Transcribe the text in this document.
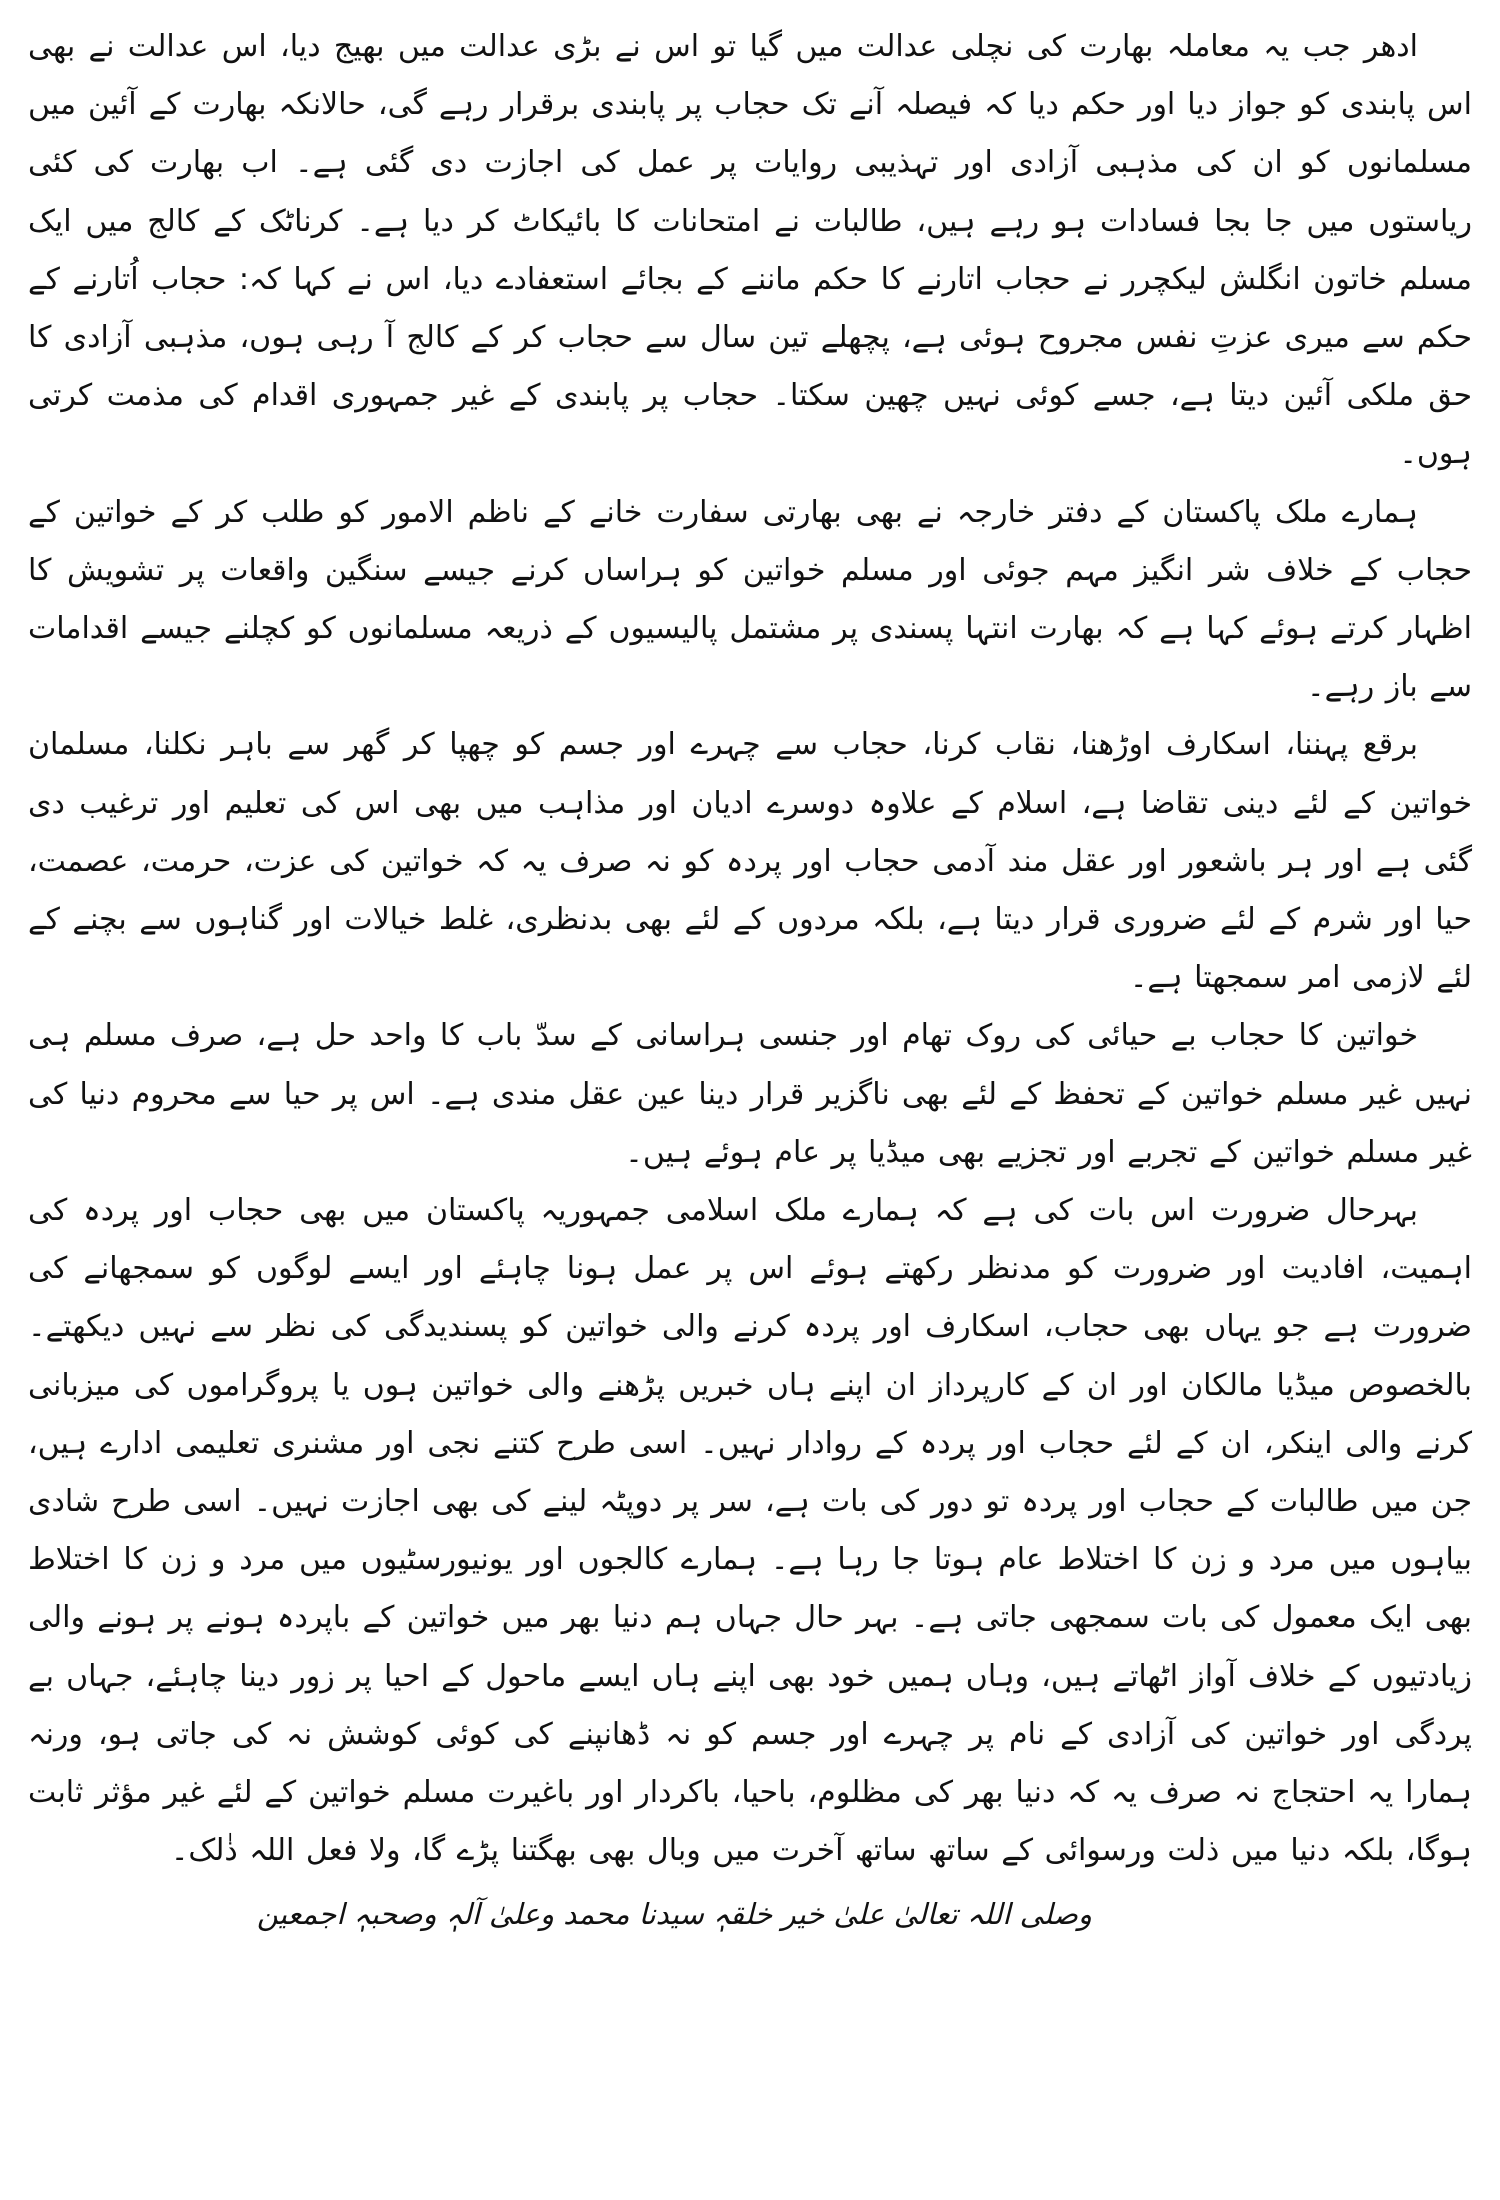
ادھر جب یہ معاملہ بھارت کی نچلی عدالت میں گیا تو اس نے بڑی عدالت میں بھیج دیا، اس عدالت نے بھی اس پابندی کو جواز دیا اور حکم دیا کہ فیصلہ آنے تک حجاب پر پابندی برقرار رہے گی، حالانکہ بھارت کے آئین میں مسلمانوں کو ان کی مذہبی آزادی اور تہذیبی روایات پر عمل کی اجازت دی گئی ہے۔ اب بھارت کی کئی ریاستوں میں جا بجا فسادات ہو رہے ہیں، طالبات نے امتحانات کا بائیکاٹ کر دیا ہے۔ کرناٹک کے کالج میں ایک مسلم خاتون انگلش لیکچرر نے حجاب اتارنے کا حکم ماننے کے بجائے استعفادے دیا، اس نے کہا کہ: حجاب اُتارنے کے حکم سے میری عزتِ نفس مجروح ہوئی ہے، پچھلے تین سال سے حجاب کر کے کالج آ رہی ہوں، مذہبی آزادی کا حق ملکی آئین دیتا ہے، جسے کوئی نہیں چھین سکتا۔ حجاب پر پابندی کے غیر جمہوری اقدام کی مذمت کرتی ہوں۔

ہمارے ملک پاکستان کے دفتر خارجہ نے بھی بھارتی سفارت خانے کے ناظم الامور کو طلب کر کے خواتین کے حجاب کے خلاف شر انگیز مہم جوئی اور مسلم خواتین کو ہراساں کرنے جیسے سنگین واقعات پر تشویش کا اظہار کرتے ہوئے کہا ہے کہ بھارت انتہا پسندی پر مشتمل پالیسیوں کے ذریعہ مسلمانوں کو کچلنے جیسے اقدامات سے باز رہے۔

برقع پہننا، اسکارف اوڑھنا، نقاب کرنا، حجاب سے چہرے اور جسم کو چھپا کر گھر سے باہر نکلنا، مسلمان خواتین کے لئے دینی تقاضا ہے، اسلام کے علاوہ دوسرے ادیان اور مذاہب میں بھی اس کی تعلیم اور ترغیب دی گئی ہے اور ہر باشعور اور عقل مند آدمی حجاب اور پردہ کو نہ صرف یہ کہ خواتین کی عزت، حرمت، عصمت، حیا اور شرم کے لئے ضروری قرار دیتا ہے، بلکہ مردوں کے لئے بھی بدنظری، غلط خیالات اور گناہوں سے بچنے کے لئے لازمی امر سمجھتا ہے۔

خواتین کا حجاب بے حیائی کی روک تھام اور جنسی ہراسانی کے سدّ باب کا واحد حل ہے، صرف مسلم ہی نہیں غیر مسلم خواتین کے تحفظ کے لئے بھی ناگزیر قرار دینا عین عقل مندی ہے۔ اس پر حیا سے محروم دنیا کی غیر مسلم خواتین کے تجربے اور تجزیے بھی میڈیا پر عام ہوئے ہیں۔

بہرحال ضرورت اس بات کی ہے کہ ہمارے ملک اسلامی جمہوریہ پاکستان میں بھی حجاب اور پردہ کی اہمیت، افادیت اور ضرورت کو مدنظر رکھتے ہوئے اس پر عمل ہونا چاہئے اور ایسے لوگوں کو سمجھانے کی ضرورت ہے جو یہاں بھی حجاب، اسکارف اور پردہ کرنے والی خواتین کو پسندیدگی کی نظر سے نہیں دیکھتے۔ بالخصوص میڈیا مالکان اور ان کے کارپرداز ان اپنے ہاں خبریں پڑھنے والی خواتین ہوں یا پروگراموں کی میزبانی کرنے والی اینکر، ان کے لئے حجاب اور پردہ کے روادار نہیں۔ اسی طرح کتنے نجی اور مشنری تعلیمی ادارے ہیں، جن میں طالبات کے حجاب اور پردہ تو دور کی بات ہے، سر پر دوپٹہ لینے کی بھی اجازت نہیں۔ اسی طرح شادی بیاہوں میں مرد و زن کا اختلاط عام ہوتا جا رہا ہے۔ ہمارے کالجوں اور یونیورسٹیوں میں مرد و زن کا اختلاط بھی ایک معمول کی بات سمجھی جاتی ہے۔ بہر حال جہاں ہم دنیا بھر میں خواتین کے باپردہ ہونے پر ہونے والی زیادتیوں کے خلاف آواز اٹھاتے ہیں، وہاں ہمیں خود بھی اپنے ہاں ایسے ماحول کے احیا پر زور دینا چاہئے، جہاں بے پردگی اور خواتین کی آزادی کے نام پر چہرے اور جسم کو نہ ڈھانپنے کی کوئی کوشش نہ کی جاتی ہو، ورنہ ہمارا یہ احتجاج نہ صرف یہ کہ دنیا بھر کی مظلوم، باحیا، باکردار اور باغیرت مسلم خواتین کے لئے غیر مؤثر ثابت ہوگا، بلکہ دنیا میں ذلت ورسوائی کے ساتھ ساتھ آخرت میں وبال بھی بھگتنا پڑے گا، ولا فعل اللہ ذٰلک۔

وصلی اللہ تعالیٰ علیٰ خیر خلقہٖ سیدنا محمد وعلیٰ آلہٖ وصحبہٖ اجمعین
